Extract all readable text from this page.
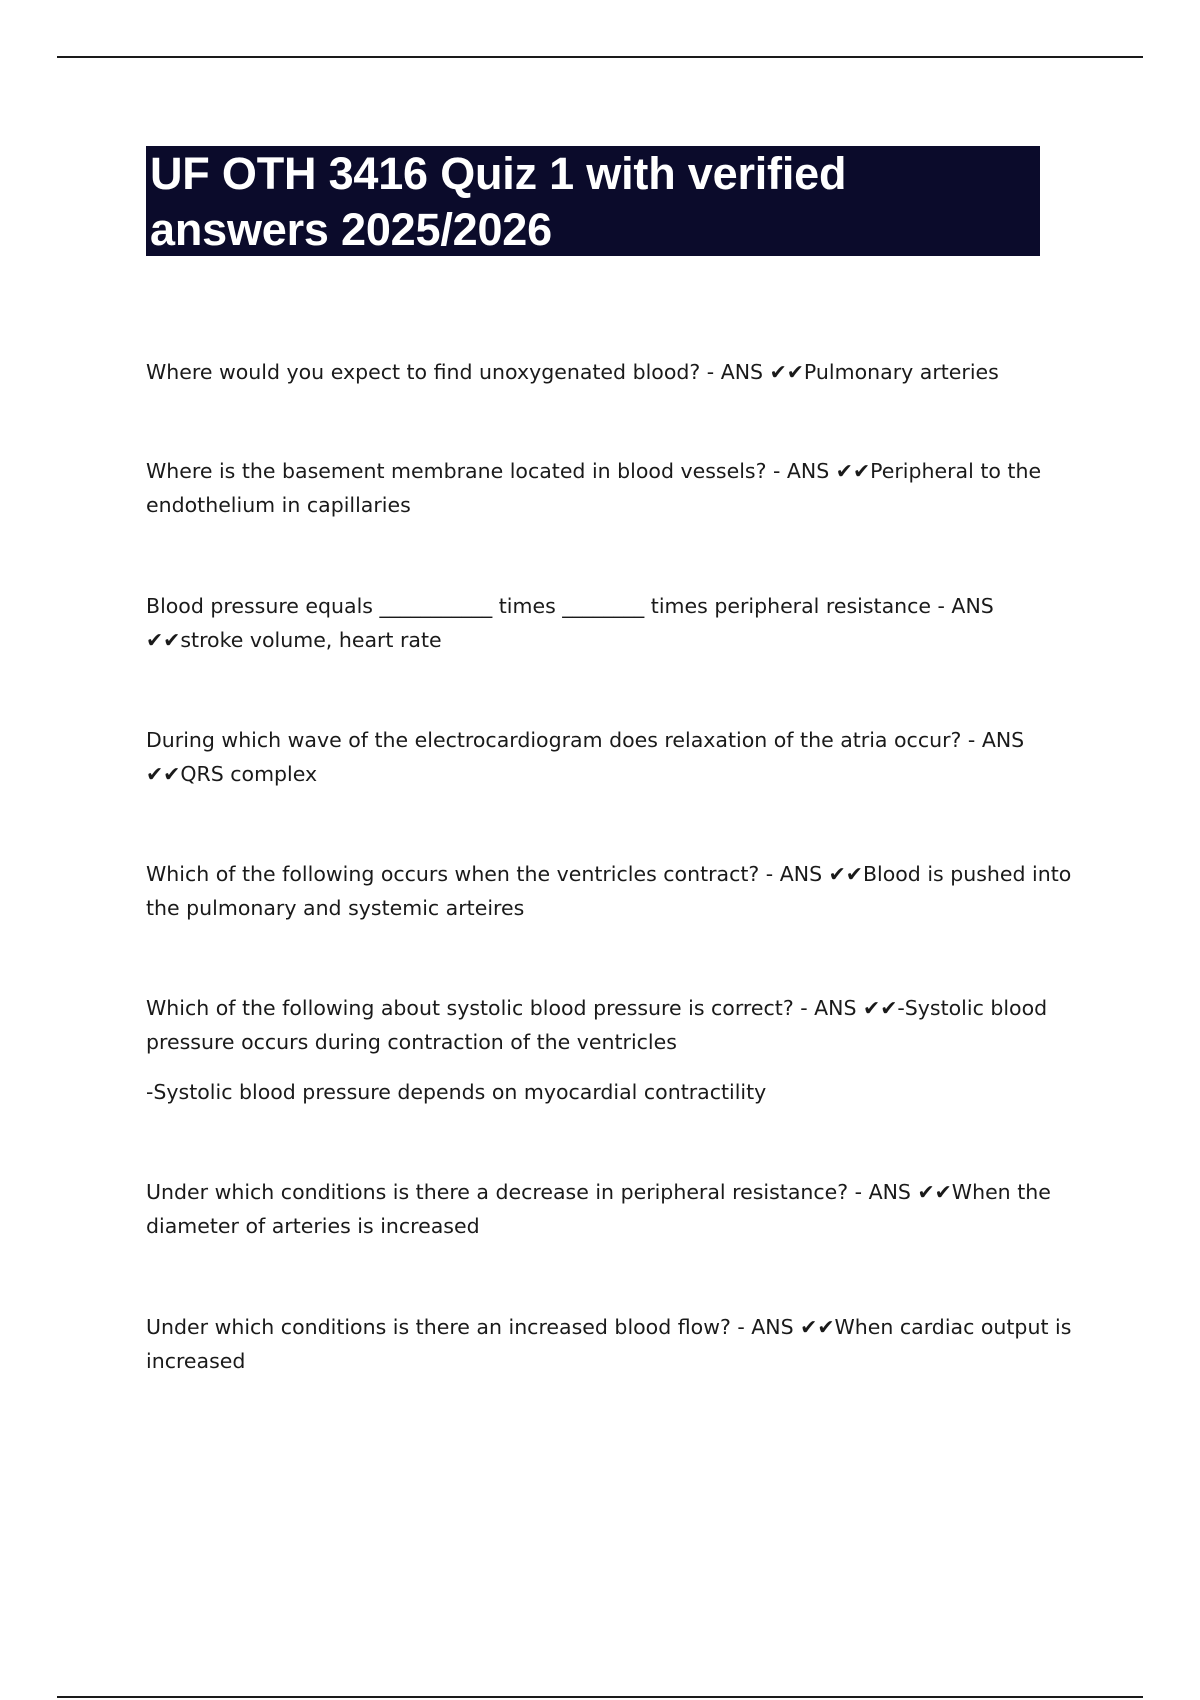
UF OTH 3416 Quiz 1 with verified answers 2025/2026

Where would you expect to find unoxygenated blood? - ANS ✔✔Pulmonary arteries

Where is the basement membrane located in blood vessels? - ANS ✔✔Peripheral to the endothelium in capillaries

Blood pressure equals ___________ times ________ times peripheral resistance - ANS ✔✔stroke volume, heart rate

During which wave of the electrocardiogram does relaxation of the atria occur? - ANS ✔✔QRS complex

Which of the following occurs when the ventricles contract? - ANS ✔✔Blood is pushed into the pulmonary and systemic arteires

Which of the following about systolic blood pressure is correct? - ANS ✔✔-Systolic blood pressure occurs during contraction of the ventricles

-Systolic blood pressure depends on myocardial contractility

Under which conditions is there a decrease in peripheral resistance? - ANS ✔✔When the diameter of arteries is increased

Under which conditions is there an increased blood flow? - ANS ✔✔When cardiac output is increased
